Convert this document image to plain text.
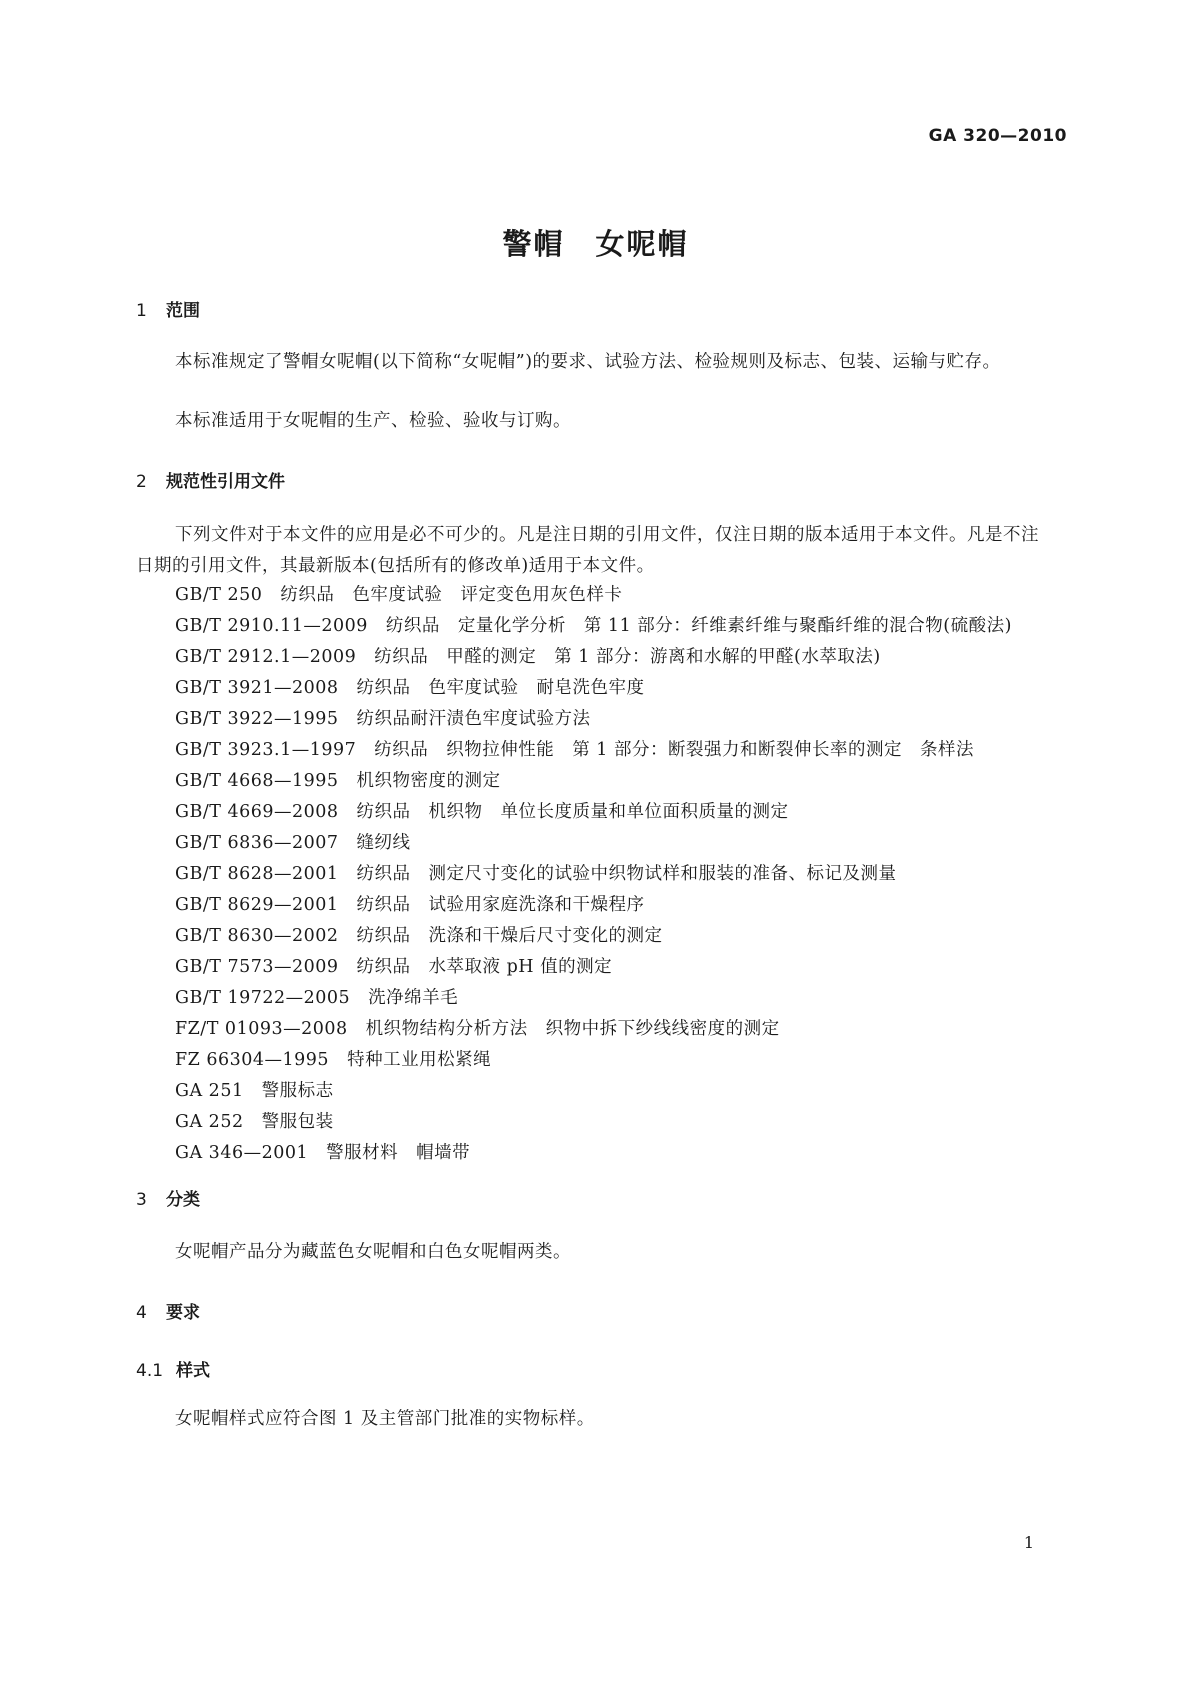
GA 320—2010
警帽　女呢帽
1 范围

本标准规定了警帽女呢帽(以下简称“女呢帽”)的要求、试验方法、检验规则及标志、包装、运输与贮存。

本标准适用于女呢帽的生产、检验、验收与订购。

2 规范性引用文件

下列文件对于本文件的应用是必不可少的。凡是注日期的引用文件，仅注日期的版本适用于本文件。凡是不注日期的引用文件，其最新版本(包括所有的修改单)适用于本文件。

GB/T 250　纺织品　色牢度试验　评定变色用灰色样卡
GB/T 2910.11—2009　纺织品　定量化学分析　第 11 部分：纤维素纤维与聚酯纤维的混合物(硫酸法)
GB/T 2912.1—2009　纺织品　甲醛的测定　第 1 部分：游离和水解的甲醛(水萃取法)
GB/T 3921—2008　纺织品　色牢度试验　耐皂洗色牢度
GB/T 3922—1995　纺织品耐汗渍色牢度试验方法
GB/T 3923.1—1997　纺织品　织物拉伸性能　第 1 部分：断裂强力和断裂伸长率的测定　条样法
GB/T 4668—1995　机织物密度的测定
GB/T 4669—2008　纺织品　机织物　单位长度质量和单位面积质量的测定
GB/T 6836—2007　缝纫线
GB/T 8628—2001　纺织品　测定尺寸变化的试验中织物试样和服装的准备、标记及测量
GB/T 8629—2001　纺织品　试验用家庭洗涤和干燥程序
GB/T 8630—2002　纺织品　洗涤和干燥后尺寸变化的测定
GB/T 7573—2009　纺织品　水萃取液 pH 值的测定
GB/T 19722—2005　洗净绵羊毛
FZ/T 01093—2008　机织物结构分析方法　织物中拆下纱线线密度的测定
FZ 66304—1995　特种工业用松紧绳
GA 251　警服标志
GA 252　警服包装
GA 346—2001　警服材料　帽墙带
3 分类

女呢帽产品分为藏蓝色女呢帽和白色女呢帽两类。

4 要求
4.1 样式

女呢帽样式应符合图 1 及主管部门批准的实物标样。

1
